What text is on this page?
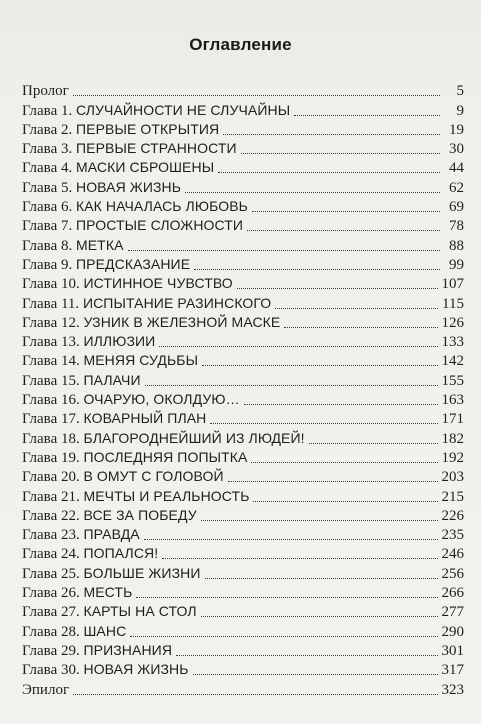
Оглавление
Пролог	5
Глава 1. СЛУЧАЙНОСТИ НЕ СЛУЧАЙНЫ	9
Глава 2. ПЕРВЫЕ ОТКРЫТИЯ	19
Глава 3. ПЕРВЫЕ СТРАННОСТИ	30
Глава 4. МАСКИ СБРОШЕНЫ	44
Глава 5. НОВАЯ ЖИЗНЬ	62
Глава 6. КАК НАЧАЛАСЬ ЛЮБОВЬ	69
Глава 7. ПРОСТЫЕ СЛОЖНОСТИ	78
Глава 8. МЕТКА	88
Глава 9. ПРЕДСКАЗАНИЕ	99
Глава 10. ИСТИННОЕ ЧУВСТВО	107
Глава 11. ИСПЫТАНИЕ РАЗИНСКОГО	115
Глава 12. УЗНИК В ЖЕЛЕЗНОЙ МАСКЕ	126
Глава 13. ИЛЛЮЗИИ	133
Глава 14. МЕНЯЯ СУДЬБЫ	142
Глава 15. ПАЛАЧИ	155
Глава 16. ОЧАРУЮ, ОКОЛДУЮ…	163
Глава 17. КОВАРНЫЙ ПЛАН	171
Глава 18. БЛАГОРОДНЕЙШИЙ ИЗ ЛЮДЕЙ!	182
Глава 19. ПОСЛЕДНЯЯ ПОПЫТКА	192
Глава 20. В ОМУТ С ГОЛОВОЙ	203
Глава 21. МЕЧТЫ И РЕАЛЬНОСТЬ	215
Глава 22. ВСЕ ЗА ПОБЕДУ	226
Глава 23. ПРАВДА	235
Глава 24. ПОПАЛСЯ!	246
Глава 25. БОЛЬШЕ ЖИЗНИ	256
Глава 26. МЕСТЬ	266
Глава 27. КАРТЫ НА СТОЛ	277
Глава 28. ШАНС	290
Глава 29. ПРИЗНАНИЯ	301
Глава 30. НОВАЯ ЖИЗНЬ	317
Эпилог	323
